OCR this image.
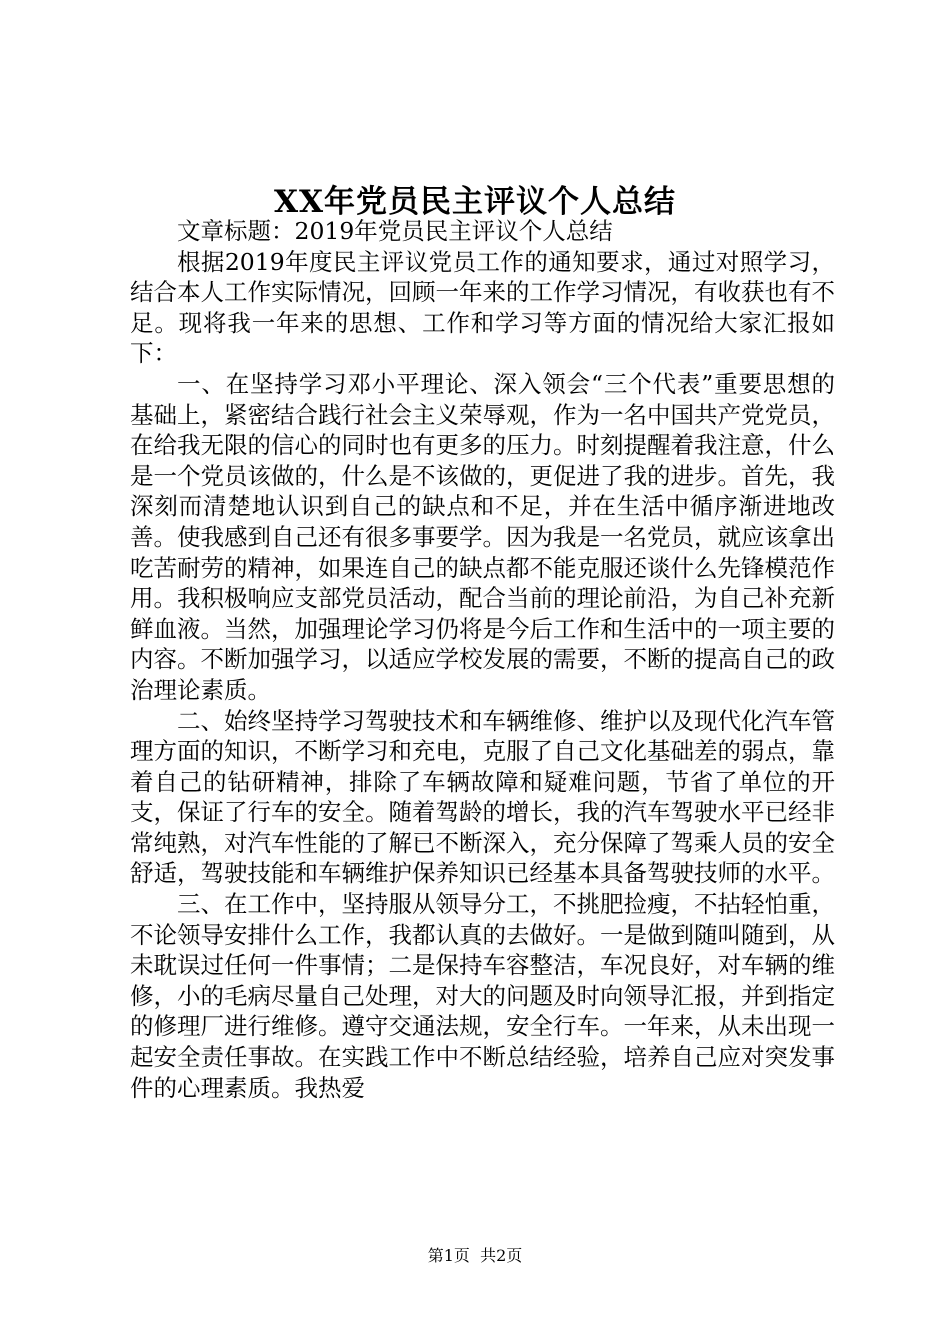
XX年党员民主评议个人总结

文章标题：2019年党员民主评议个人总结

根据2019年度民主评议党员工作的通知要求，通过对照学习，结合本人工作实际情况，回顾一年来的工作学习情况，有收获也有不足。现将我一年来的思想、工作和学习等方面的情况给大家汇报如下：

一、在坚持学习邓小平理论、深入领会“三个代表”重要思想的基础上，紧密结合践行社会主义荣辱观，作为一名中国共产党党员，在给我无限的信心的同时也有更多的压力。时刻提醒着我注意，什么是一个党员该做的，什么是不该做的，更促进了我的进步。首先，我深刻而清楚地认识到自己的缺点和不足，并在生活中循序渐进地改善。使我感到自己还有很多事要学。因为我是一名党员，就应该拿出吃苦耐劳的精神，如果连自己的缺点都不能克服还谈什么先锋模范作用。我积极响应支部党员活动，配合当前的理论前沿，为自己补充新鲜血液。当然，加强理论学习仍将是今后工作和生活中的一项主要的内容。不断加强学习，以适应学校发展的需要，不断的提高自己的政治理论素质。

二、始终坚持学习驾驶技术和车辆维修、维护以及现代化汽车管理方面的知识，不断学习和充电，克服了自己文化基础差的弱点，靠着自己的钻研精神，排除了车辆故障和疑难问题，节省了单位的开支，保证了行车的安全。随着驾龄的增长，我的汽车驾驶水平已经非常纯熟，对汽车性能的了解已不断深入，充分保障了驾乘人员的安全舒适，驾驶技能和车辆维护保养知识已经基本具备驾驶技师的水平。

三、在工作中，坚持服从领导分工，不挑肥捡瘦，不拈轻怕重，不论领导安排什么工作，我都认真的去做好。一是做到随叫随到，从未耽误过任何一件事情；二是保持车容整洁，车况良好，对车辆的维修，小的毛病尽量自己处理，对大的问题及时向领导汇报，并到指定的修理厂进行维修。遵守交通法规，安全行车。一年来，从未出现一起安全责任事故。在实践工作中不断总结经验，培养自己应对突发事件的心理素质。我热爱

第1页  共2页
